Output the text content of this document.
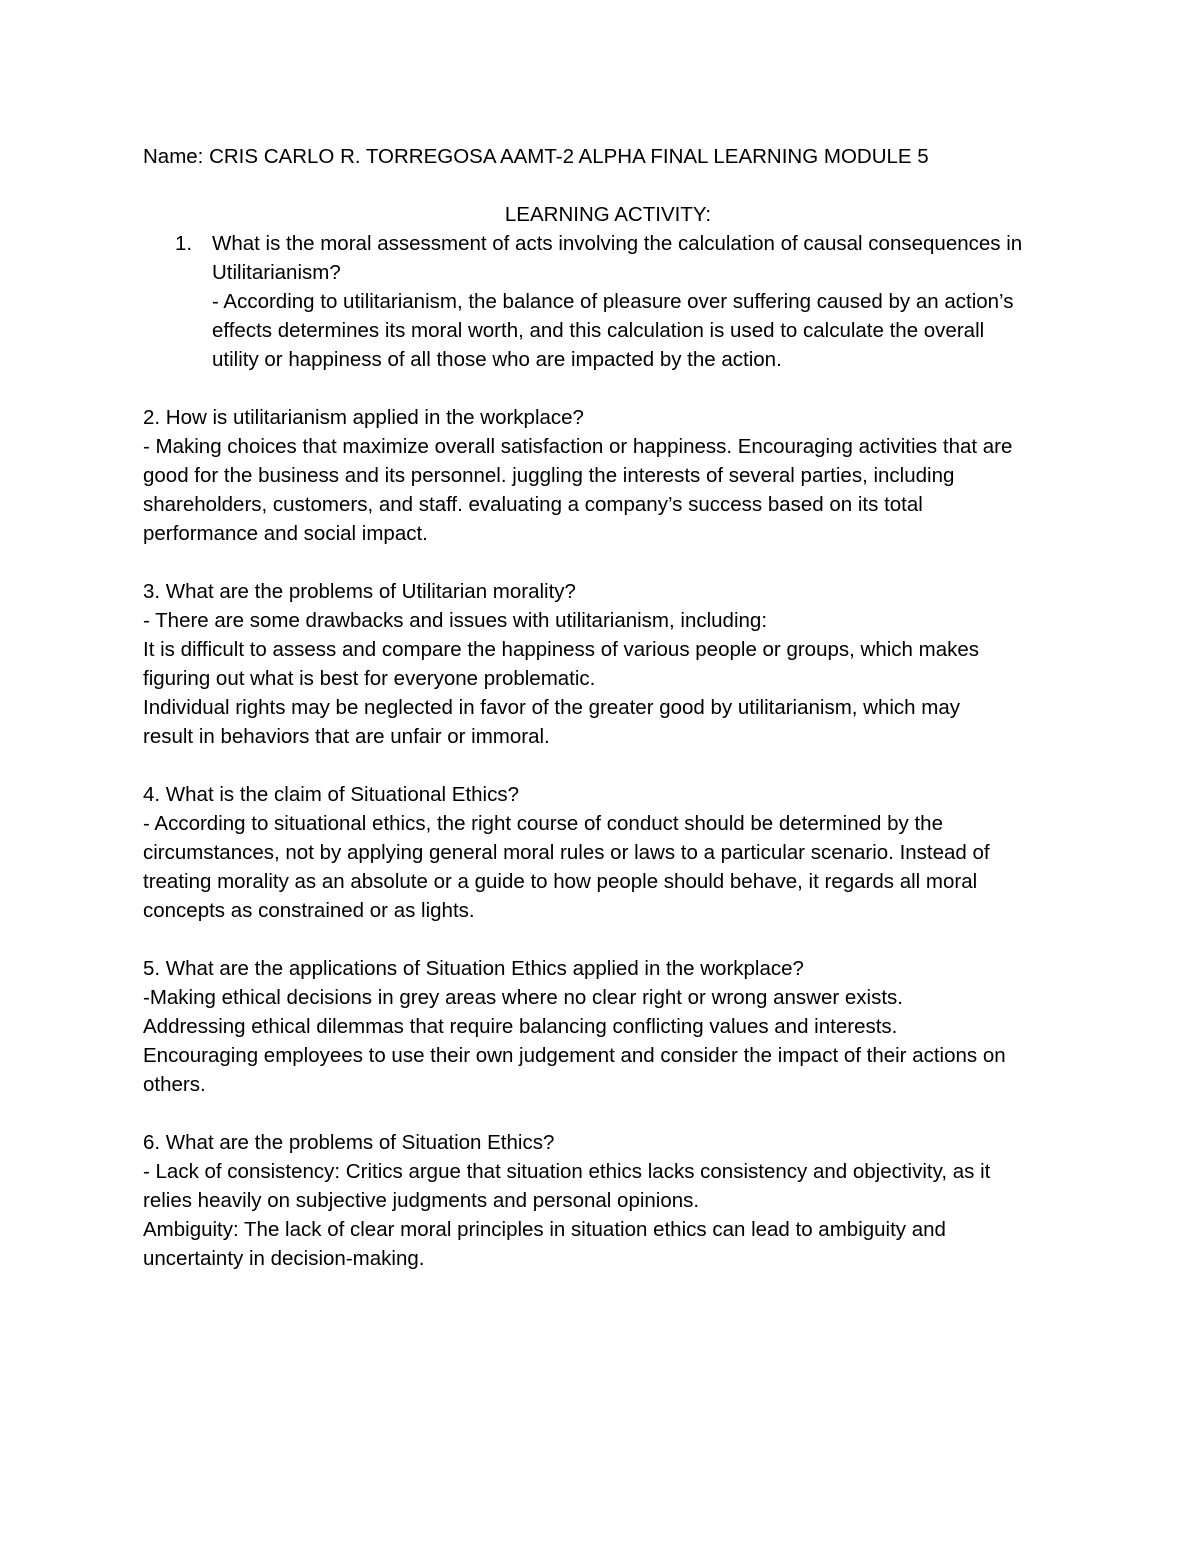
Name: CRIS CARLO R. TORREGOSA AAMT-2 ALPHA FINAL LEARNING MODULE 5
LEARNING ACTIVITY:
1. What is the moral assessment of acts involving the calculation of causal consequences in
Utilitarianism?
- According to utilitarianism, the balance of pleasure over suffering caused by an action’s
effects determines its moral worth, and this calculation is used to calculate the overall
utility or happiness of all those who are impacted by the action.
2. How is utilitarianism applied in the workplace?
- Making choices that maximize overall satisfaction or happiness. Encouraging activities that are
good for the business and its personnel. juggling the interests of several parties, including
shareholders, customers, and staff. evaluating a company’s success based on its total
performance and social impact.
3. What are the problems of Utilitarian morality?
- There are some drawbacks and issues with utilitarianism, including:
It is difficult to assess and compare the happiness of various people or groups, which makes
figuring out what is best for everyone problematic.
Individual rights may be neglected in favor of the greater good by utilitarianism, which may
result in behaviors that are unfair or immoral.
4. What is the claim of Situational Ethics?
- According to situational ethics, the right course of conduct should be determined by the
circumstances, not by applying general moral rules or laws to a particular scenario. Instead of
treating morality as an absolute or a guide to how people should behave, it regards all moral
concepts as constrained or as lights.
5. What are the applications of Situation Ethics applied in the workplace?
-Making ethical decisions in grey areas where no clear right or wrong answer exists.
Addressing ethical dilemmas that require balancing conflicting values and interests.
Encouraging employees to use their own judgement and consider the impact of their actions on
others.
6. What are the problems of Situation Ethics?
- Lack of consistency: Critics argue that situation ethics lacks consistency and objectivity, as it
relies heavily on subjective judgments and personal opinions.
Ambiguity: The lack of clear moral principles in situation ethics can lead to ambiguity and
uncertainty in decision-making.
